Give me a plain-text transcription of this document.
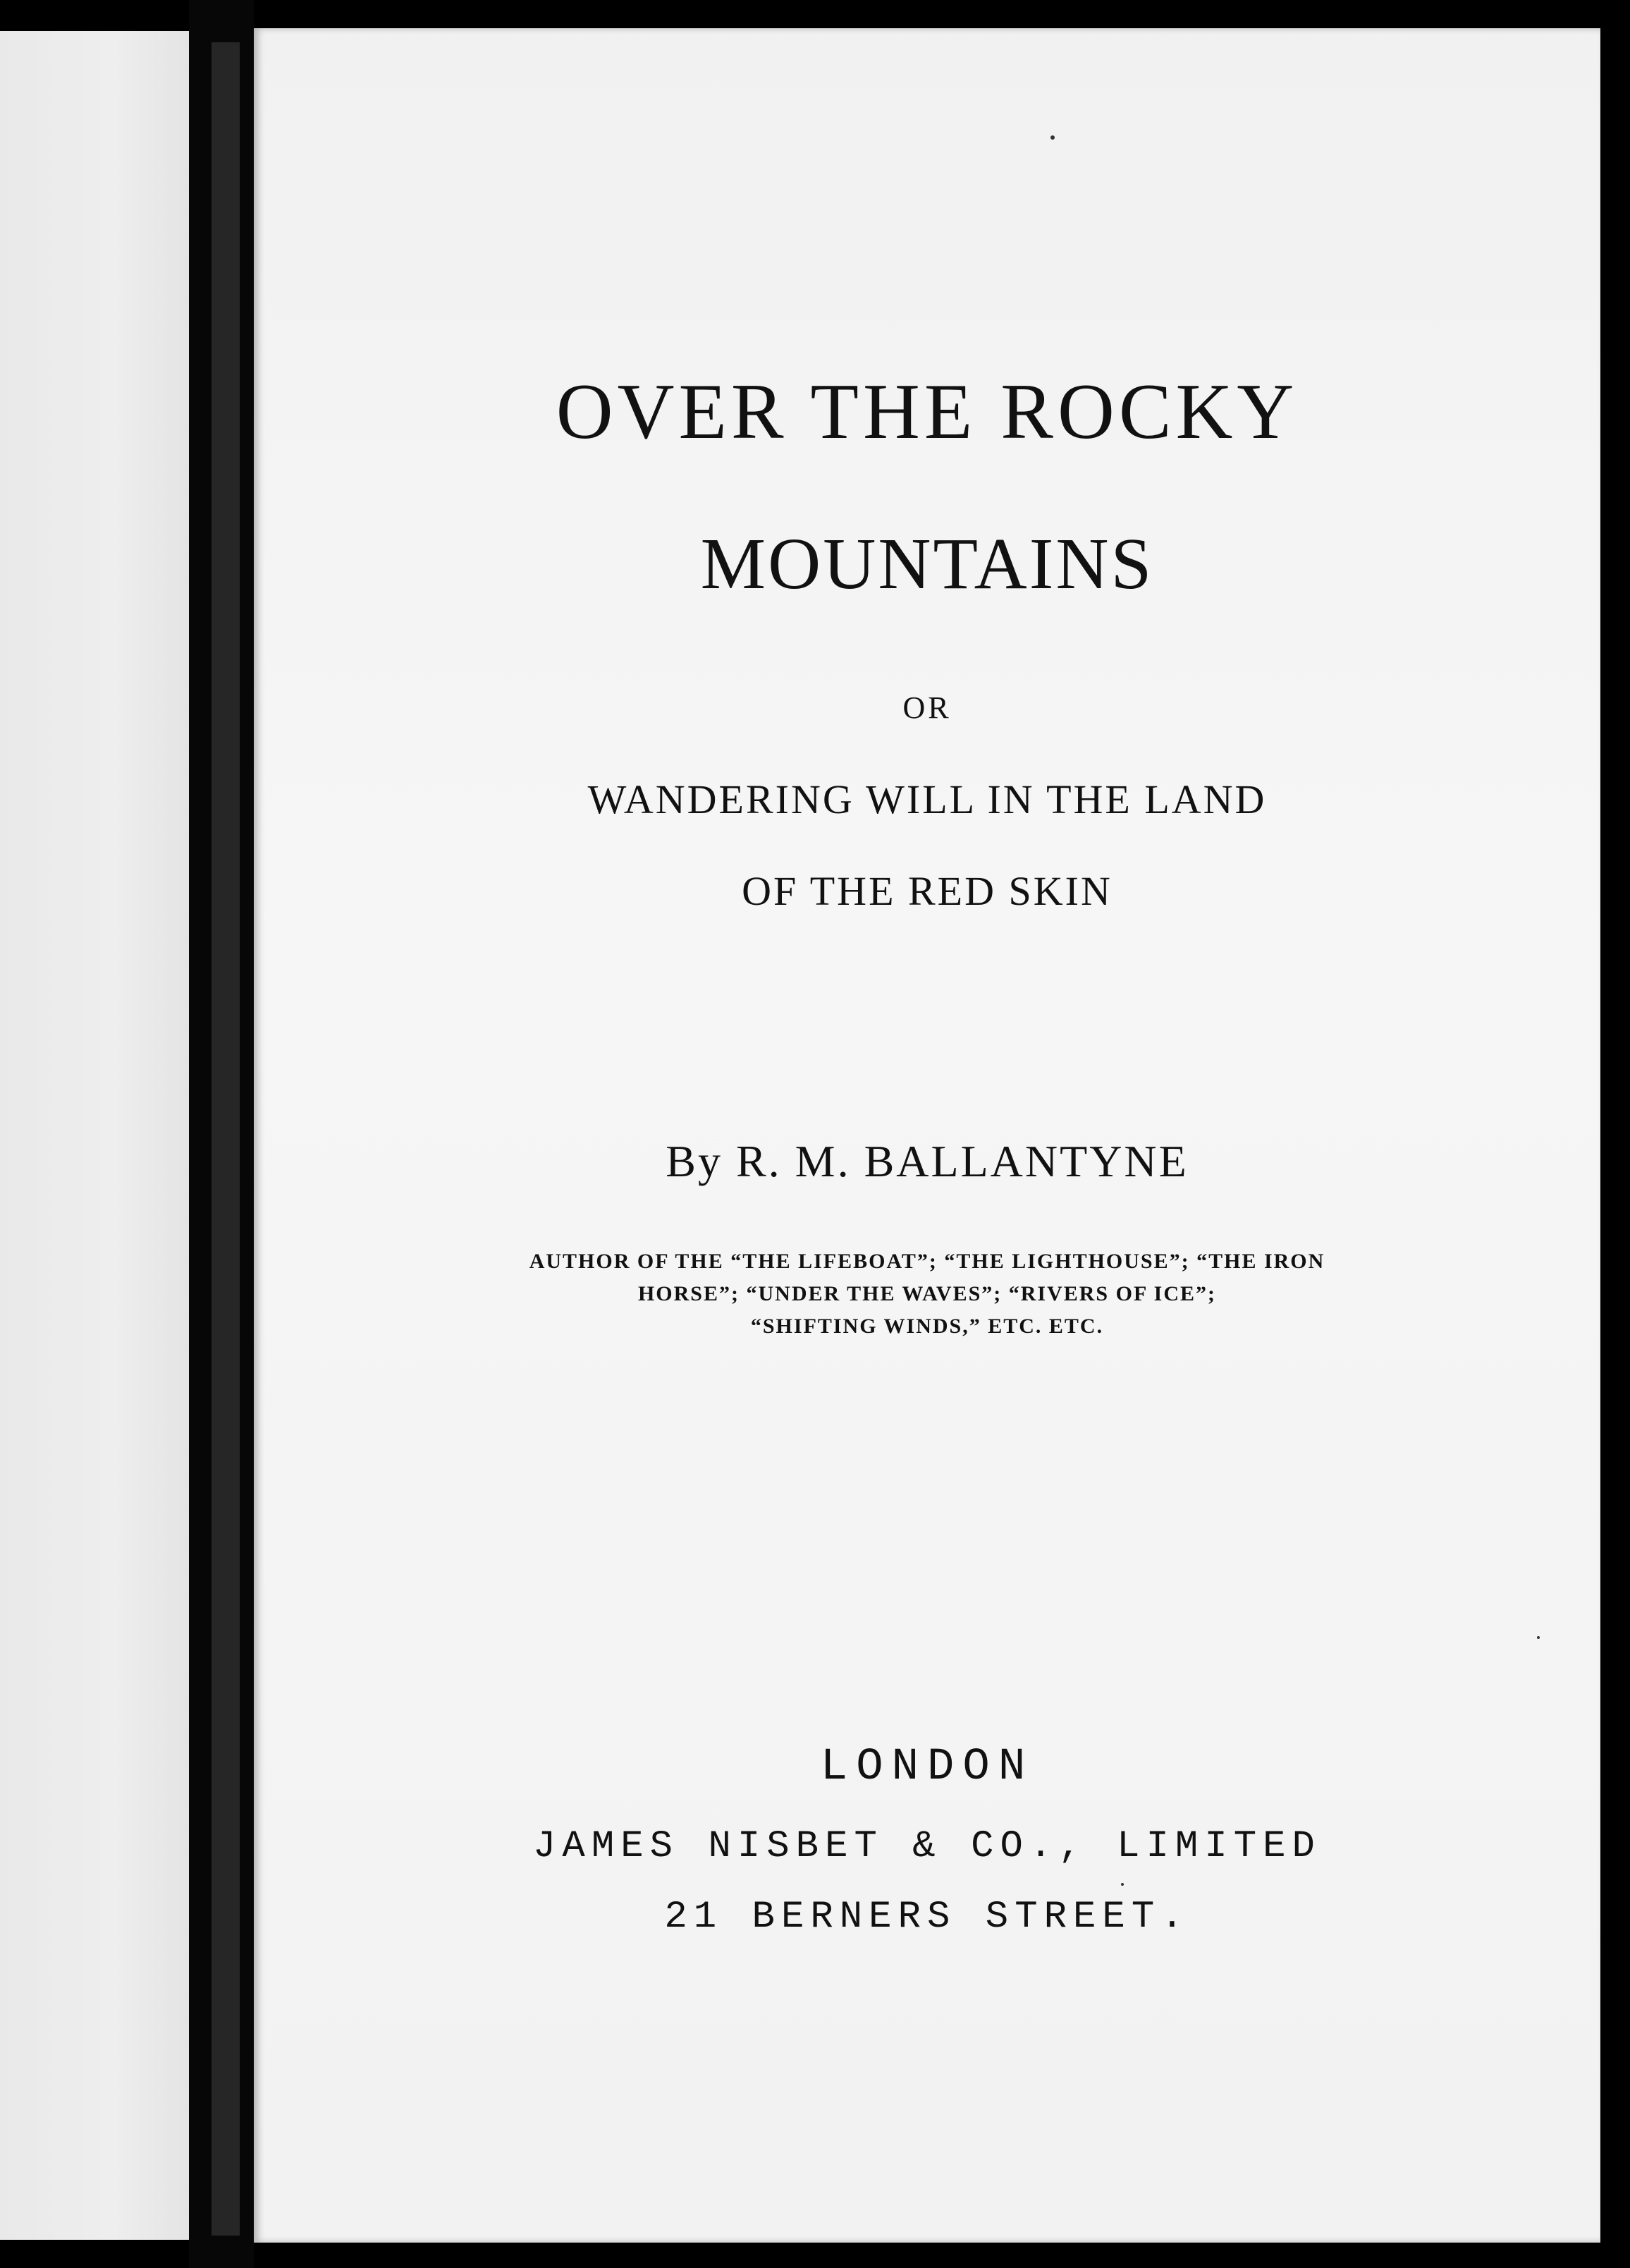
OVER THE ROCKY
MOUNTAINS
OR
WANDERING WILL IN THE LAND
OF THE RED SKIN
By R. M. BALLANTYNE
AUTHOR OF THE “THE LIFEBOAT”; “THE LIGHTHOUSE”; “THE IRON
HORSE”; “UNDER THE WAVES”; “RIVERS OF ICE”;
“SHIFTING WINDS,” ETC. ETC.
LONDON
JAMES NISBET & CO., LIMITED
21 BERNERS STREET.
